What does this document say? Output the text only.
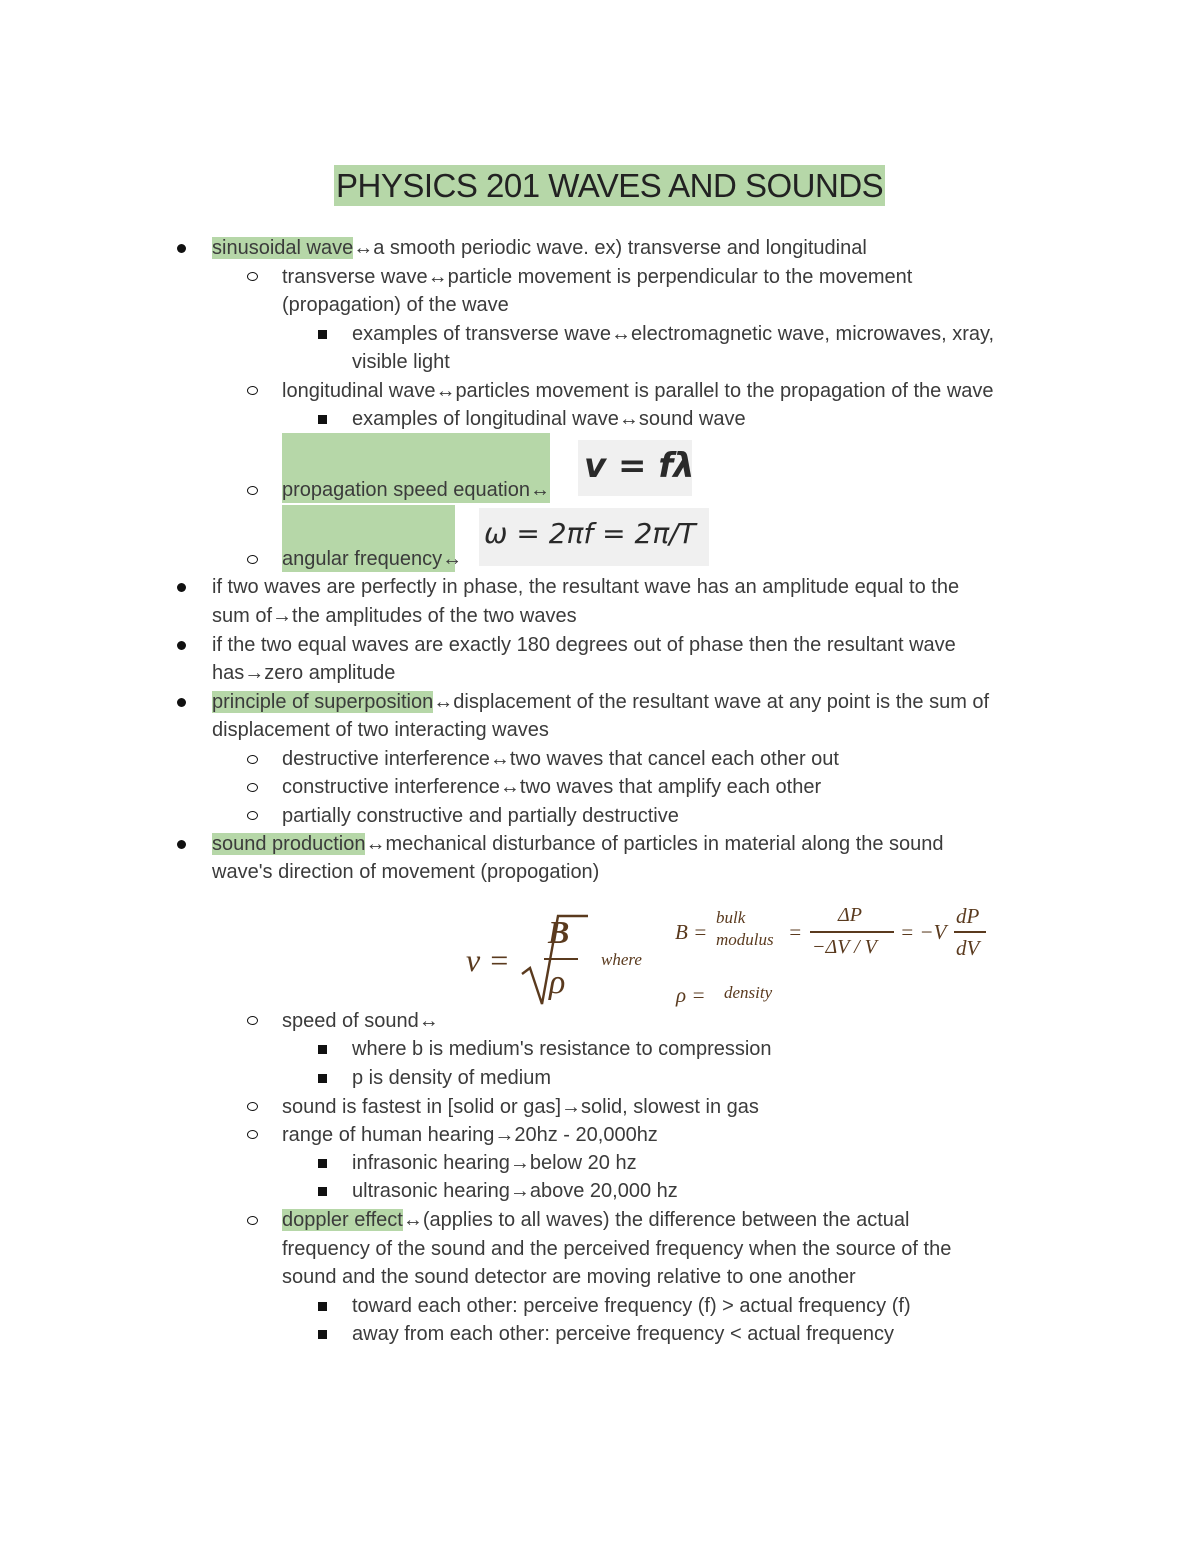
PHYSICS 201 WAVES AND SOUNDS
sinusoidal wave↔a smooth periodic wave. ex) transverse and longitudinal
transverse wave↔particle movement is perpendicular to the movement
(propagation) of the wave
examples of transverse wave↔electromagnetic wave, microwaves, xray,
visible light
longitudinal wave↔particles movement is parallel to the propagation of the wave
examples of longitudinal wave↔sound wave
propagation speed equation↔
v = fλ
angular frequency↔
ω = 2πf = 2π/T
if two waves are perfectly in phase, the resultant wave has an amplitude equal to the
sum of→the amplitudes of the two waves
if the two equal waves are exactly 180 degrees out of phase then the resultant wave
has→zero amplitude
principle of superposition↔displacement of the resultant wave at any point is the sum of
displacement of two interacting waves
destructive interference↔two waves that cancel each other out
constructive interference↔two waves that amplify each other
partially constructive and partially destructive
sound production↔mechanical disturbance of particles in material along the sound
wave's direction of movement (propogation)
v =
B
ρ
where
B =
bulk
modulus =
ΔP
−ΔV / V
= −V
dP
dV
ρ = density
speed of sound↔
where b is medium's resistance to compression
p is density of medium
sound is fastest in [solid or gas]→solid, slowest in gas
range of human hearing→20hz - 20,000hz
infrasonic hearing→below 20 hz
ultrasonic hearing→above 20,000 hz
doppler effect↔(applies to all waves) the difference between the actual
frequency of the sound and the perceived frequency when the source of the
sound and the sound detector are moving relative to one another
toward each other: perceive frequency (f) > actual frequency (f)
away from each other: perceive frequency < actual frequency
